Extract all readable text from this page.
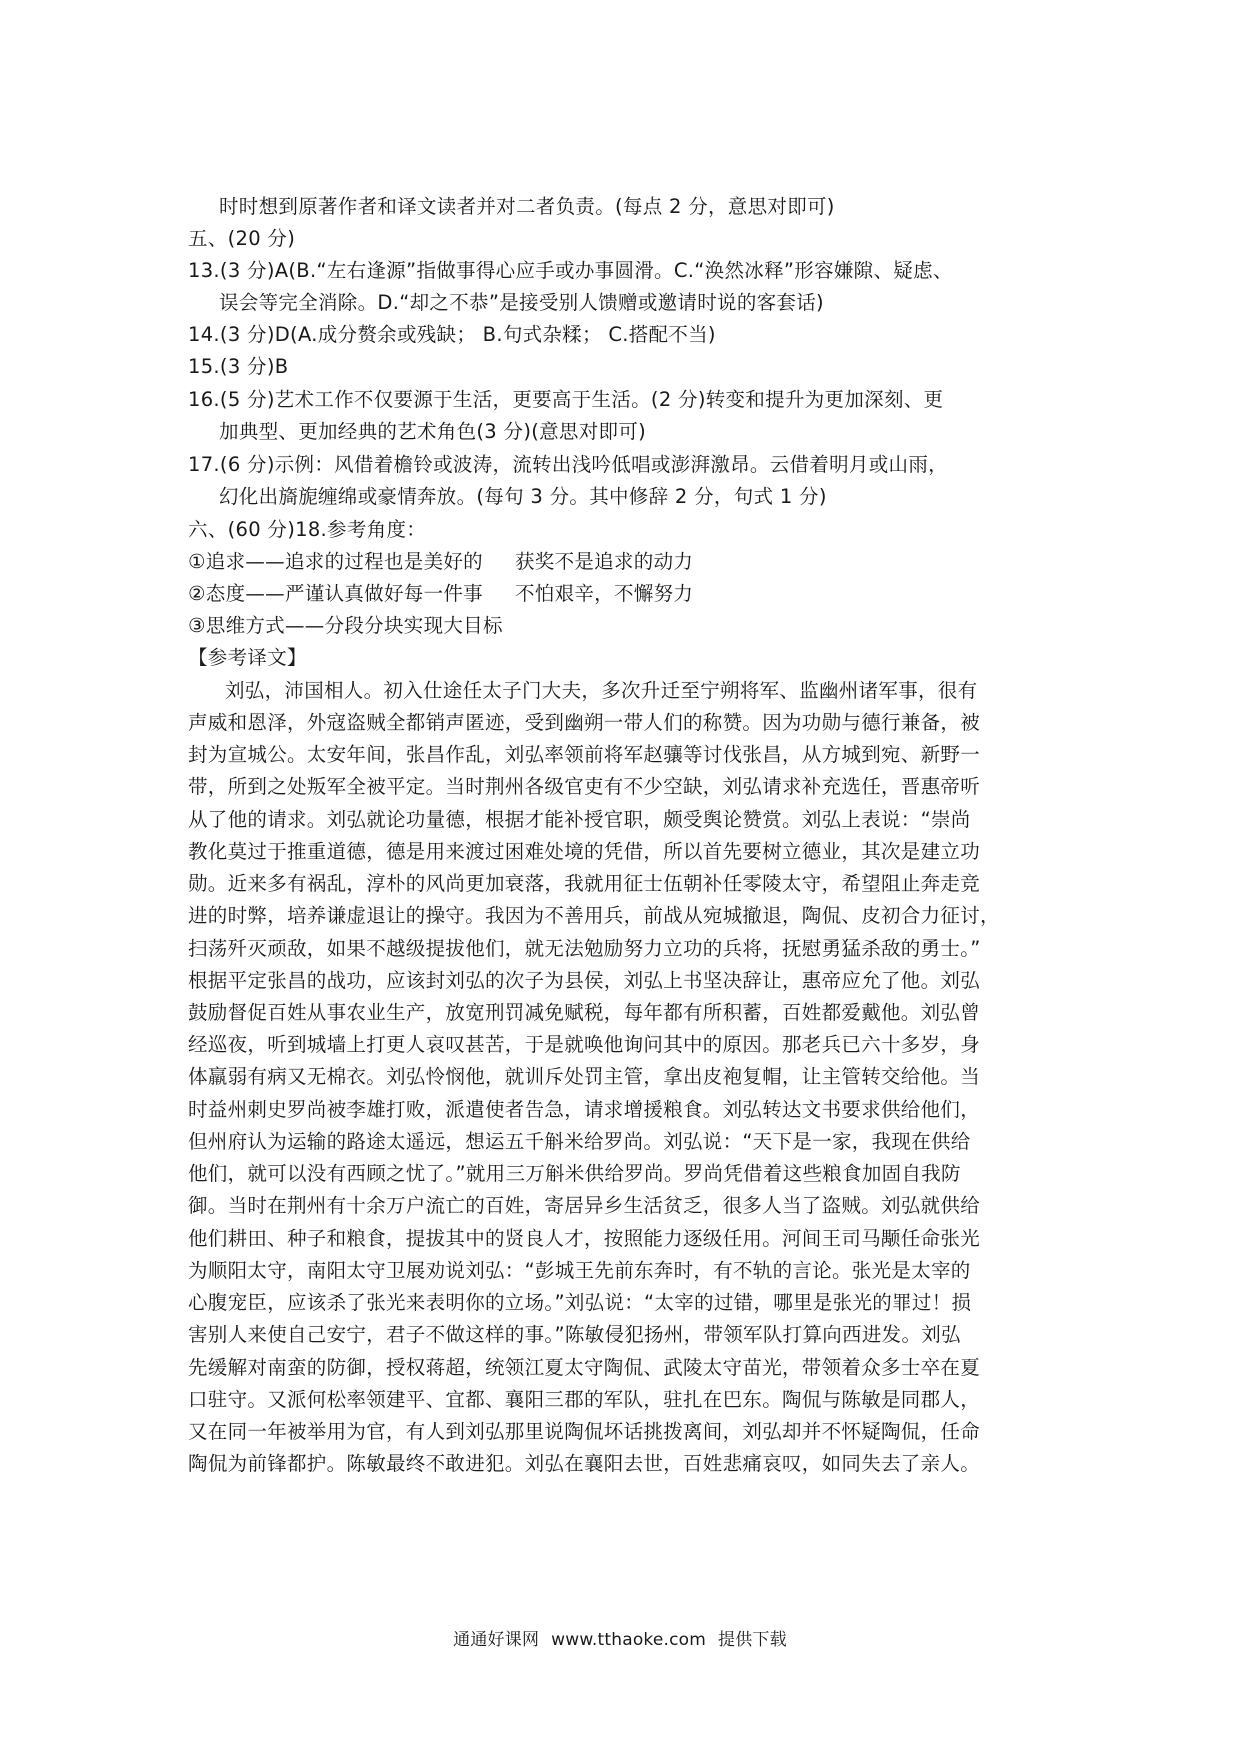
时时想到原著作者和译文读者并对二者负责。(每点 2 分，意思对即可)
五、(20 分)
13.(3 分)A(B.“左右逢源”指做事得心应手或办事圆滑。C.“涣然冰释”形容嫌隙、疑虑、
误会等完全消除。D.“却之不恭”是接受别人馈赠或邀请时说的客套话)
14.(3 分)D(A.成分赘余或残缺； B.句式杂糅； C.搭配不当)
15.(3 分)B
16.(5 分)艺术工作不仅要源于生活，更要高于生活。(2 分)转变和提升为更加深刻、更
加典型、更加经典的艺术角色(3 分)(意思对即可)
17.(6 分)示例：风借着檐铃或波涛，流转出浅吟低唱或澎湃激昂。云借着明月或山雨，
幻化出旖旎缠绵或豪情奔放。(每句 3 分。其中修辞 2 分，句式 1 分)
六、(60 分)18.参考角度：
①追求——追求的过程也是美好的 获奖不是追求的动力
②态度——严谨认真做好每一件事 不怕艰辛，不懈努力
③思维方式——分段分块实现大目标
【参考译文】
刘弘，沛国相人。初入仕途任太子门大夫，多次升迁至宁朔将军、监幽州诸军事，很有
声威和恩泽，外寇盗贼全都销声匿迹，受到幽朔一带人们的称赞。因为功勋与德行兼备，被
封为宣城公。太安年间，张昌作乱，刘弘率领前将军赵骧等讨伐张昌，从方城到宛、新野一
带，所到之处叛军全被平定。当时荆州各级官吏有不少空缺，刘弘请求补充选任，晋惠帝听
从了他的请求。刘弘就论功量德，根据才能补授官职，颇受舆论赞赏。刘弘上表说：“崇尚
教化莫过于推重道德，德是用来渡过困难处境的凭借，所以首先要树立德业，其次是建立功
勋。近来多有祸乱，淳朴的风尚更加衰落，我就用征士伍朝补任零陵太守，希望阻止奔走竞
进的时弊，培养谦虚退让的操守。我因为不善用兵，前战从宛城撤退，陶侃、皮初合力征讨，
扫荡歼灭顽敌，如果不越级提拔他们，就无法勉励努力立功的兵将，抚慰勇猛杀敌的勇士。”
根据平定张昌的战功，应该封刘弘的次子为县侯，刘弘上书坚决辞让，惠帝应允了他。刘弘
鼓励督促百姓从事农业生产，放宽刑罚减免赋税，每年都有所积蓄，百姓都爱戴他。刘弘曾
经巡夜，听到城墙上打更人哀叹甚苦，于是就唤他询问其中的原因。那老兵已六十多岁，身
体羸弱有病又无棉衣。刘弘怜悯他，就训斥处罚主管，拿出皮袍复帽，让主管转交给他。当
时益州刺史罗尚被李雄打败，派遣使者告急，请求增援粮食。刘弘转达文书要求供给他们，
但州府认为运输的路途太遥远，想运五千斛米给罗尚。刘弘说：“天下是一家，我现在供给
他们，就可以没有西顾之忧了。”就用三万斛米供给罗尚。罗尚凭借着这些粮食加固自我防
御。当时在荆州有十余万户流亡的百姓，寄居异乡生活贫乏，很多人当了盗贼。刘弘就供给
他们耕田、种子和粮食，提拔其中的贤良人才，按照能力逐级任用。河间王司马颙任命张光
为顺阳太守，南阳太守卫展劝说刘弘：“彭城王先前东奔时，有不轨的言论。张光是太宰的
心腹宠臣，应该杀了张光来表明你的立场。”刘弘说：“太宰的过错，哪里是张光的罪过！损
害别人来使自己安宁，君子不做这样的事。”陈敏侵犯扬州，带领军队打算向西进发。刘弘
先缓解对南蛮的防御，授权蒋超，统领江夏太守陶侃、武陵太守苗光，带领着众多士卒在夏
口驻守。又派何松率领建平、宜都、襄阳三郡的军队，驻扎在巴东。陶侃与陈敏是同郡人，
又在同一年被举用为官，有人到刘弘那里说陶侃坏话挑拨离间，刘弘却并不怀疑陶侃，任命
陶侃为前锋都护。陈敏最终不敢进犯。刘弘在襄阳去世，百姓悲痛哀叹，如同失去了亲人。
通通好课网 www.tthaoke.com 提供下载
